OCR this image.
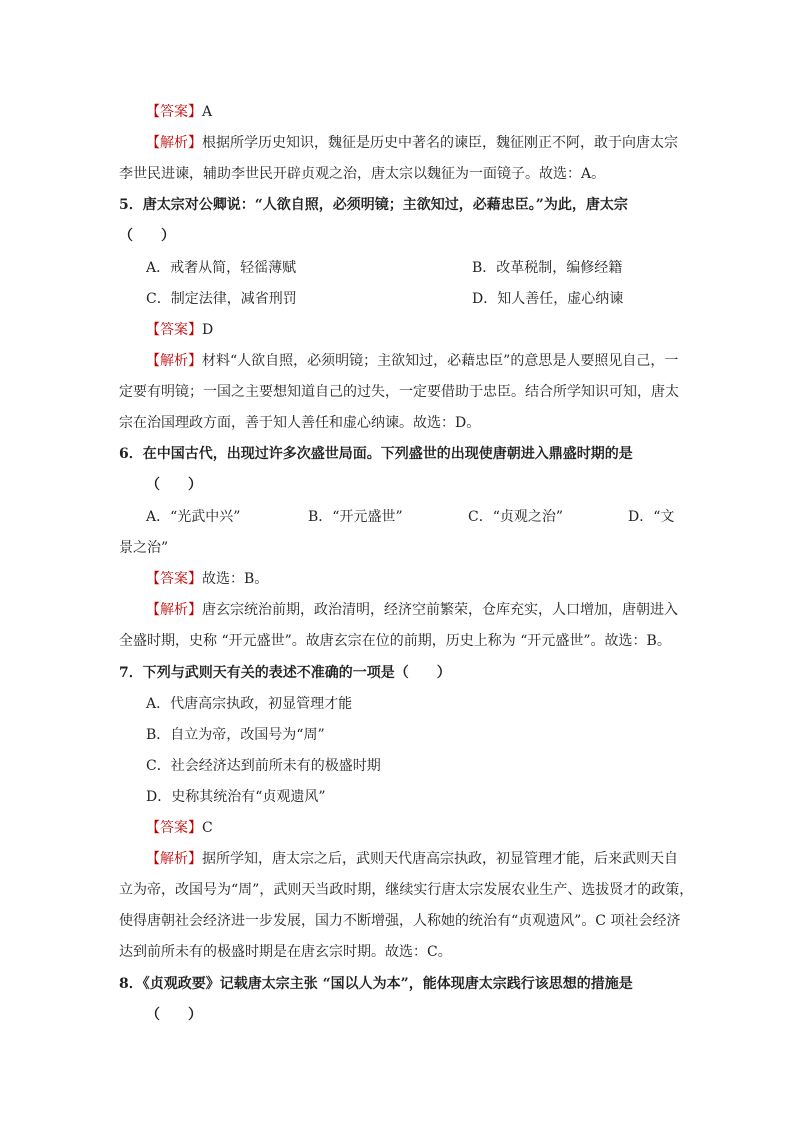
【答案】A
【解析】根据所学历史知识，魏征是历史中著名的谏臣，魏征刚正不阿，敢于向唐太宗
李世民进谏，辅助李世民开辟贞观之治，唐太宗以魏征为一面镜子。故选：A。
5．唐太宗对公卿说：“人欲自照，必须明镜；主欲知过，必藉忠臣。”为此，唐太宗
（　　）
A．戒奢从简，轻徭薄赋	B．改革税制，编修经籍
C．制定法律，减省刑罚	D．知人善任，虚心纳谏
【答案】D
【解析】材料“人欲自照，必须明镜；主欲知过，必藉忠臣”的意思是人要照见自己，一
定要有明镜；一国之主要想知道自己的过失，一定要借助于忠臣。结合所学知识可知，唐太
宗在治国理政方面，善于知人善任和虚心纳谏。故选：D。
6．在中国古代，出现过许多次盛世局面。下列盛世的出现使唐朝进入鼎盛时期的是
（　　）
A．“光武中兴”	B．“开元盛世”	C．“贞观之治”	D．“文
景之治”
【答案】故选：B。
【解析】唐玄宗统治前期，政治清明，经济空前繁荣，仓库充实，人口增加，唐朝进入
全盛时期，史称 “开元盛世”。故唐玄宗在位的前期，历史上称为 “开元盛世”。故选：B。
7．下列与武则天有关的表述不准确的一项是（　　）
A．代唐高宗执政，初显管理才能
B．自立为帝，改国号为“周”
C．社会经济达到前所未有的极盛时期
D．史称其统治有“贞观遗风”
【答案】C
【解析】据所学知，唐太宗之后，武则天代唐高宗执政，初显管理才能，后来武则天自
立为帝，改国号为“周”，武则天当政时期，继续实行唐太宗发展农业生产、选拔贤才的政策，
使得唐朝社会经济进一步发展，国力不断增强，人称她的统治有“贞观遗风”。C 项社会经济
达到前所未有的极盛时期是在唐玄宗时期。故选：C。
8．《贞观政要》记载唐太宗主张 “国以人为本”，能体现唐太宗践行该思想的措施是
（　　）
